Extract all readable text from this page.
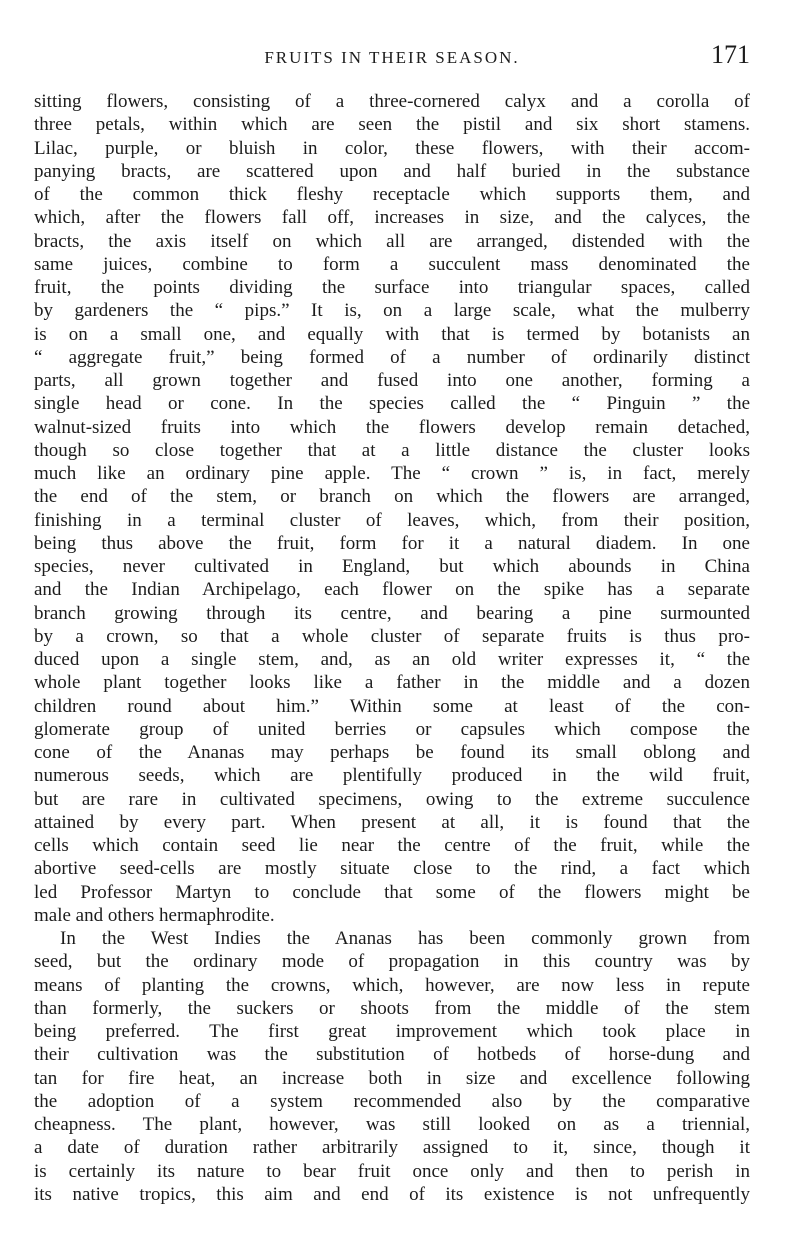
FRUITS IN THEIR SEASON.	171
sitting flowers, consisting of a three-cornered calyx and a corolla of
three petals, within which are seen the pistil and six short stamens.
Lilac, purple, or bluish in color, these flowers, with their accom-
panying bracts, are scattered upon and half buried in the substance
of the common thick fleshy receptacle which supports them, and
which, after the flowers fall off, increases in size, and the calyces, the
bracts, the axis itself on which all are arranged, distended with the
same juices, combine to form a succulent mass denominated the
fruit, the points dividing the surface into triangular spaces, called
by gardeners the “ pips.” It is, on a large scale, what the mulberry
is on a small one, and equally with that is termed by botanists an
“ aggregate fruit,” being formed of a number of ordinarily distinct
parts, all grown together and fused into one another, forming a
single head or cone. In the species called the “ Pinguin ” the
walnut-sized fruits into which the flowers develop remain detached,
though so close together that at a little distance the cluster looks
much like an ordinary pine apple. The “ crown ” is, in fact, merely
the end of the stem, or branch on which the flowers are arranged,
finishing in a terminal cluster of leaves, which, from their position,
being thus above the fruit, form for it a natural diadem. In one
species, never cultivated in England, but which abounds in China
and the Indian Archipelago, each flower on the spike has a separate
branch growing through its centre, and bearing a pine surmounted
by a crown, so that a whole cluster of separate fruits is thus pro-
duced upon a single stem, and, as an old writer expresses it, “ the
whole plant together looks like a father in the middle and a dozen
children round about him.” Within some at least of the con-
glomerate group of united berries or capsules which compose the
cone of the Ananas may perhaps be found its small oblong and
numerous seeds, which are plentifully produced in the wild fruit,
but are rare in cultivated specimens, owing to the extreme succulence
attained by every part. When present at all, it is found that the
cells which contain seed lie near the centre of the fruit, while the
abortive seed-cells are mostly situate close to the rind, a fact which
led Professor Martyn to conclude that some of the flowers might be
male and others hermaphrodite.
In the West Indies the Ananas has been commonly grown from
seed, but the ordinary mode of propagation in this country was by
means of planting the crowns, which, however, are now less in repute
than formerly, the suckers or shoots from the middle of the stem
being preferred. The first great improvement which took place in
their cultivation was the substitution of hotbeds of horse-dung and
tan for fire heat, an increase both in size and excellence following
the adoption of a system recommended also by the comparative
cheapness. The plant, however, was still looked on as a triennial,
a date of duration rather arbitrarily assigned to it, since, though it
is certainly its nature to bear fruit once only and then to perish in
its native tropics, this aim and end of its existence is not unfrequently
